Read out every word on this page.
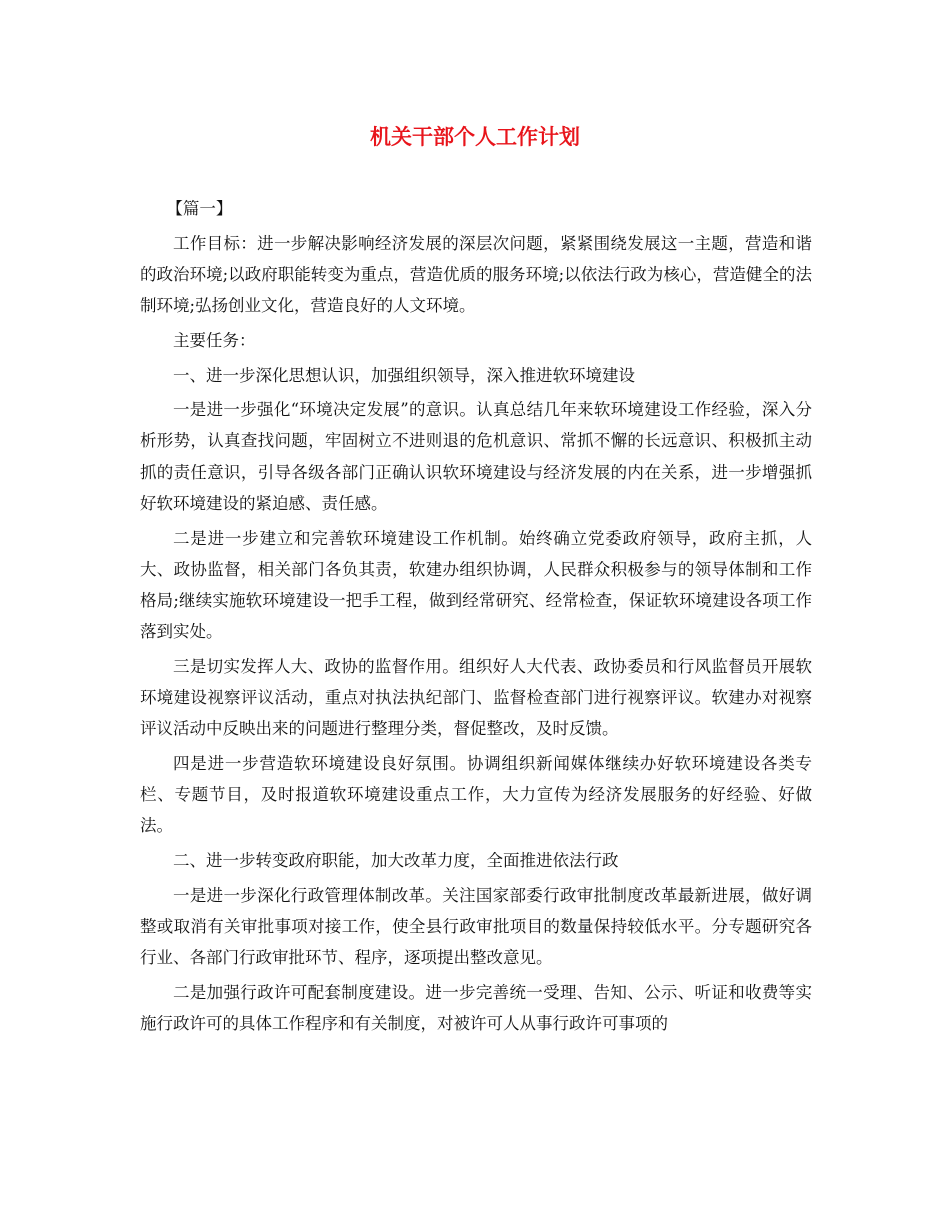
机关干部个人工作计划

【篇一】

工作目标：进一步解决影响经济发展的深层次问题，紧紧围绕发展这一主题，营造和谐的政治环境;以政府职能转变为重点，营造优质的服务环境;以依法行政为核心，营造健全的法制环境;弘扬创业文化，营造良好的人文环境。

主要任务：

一、进一步深化思想认识，加强组织领导，深入推进软环境建设

一是进一步强化“环境决定发展”的意识。认真总结几年来软环境建设工作经验，深入分析形势，认真查找问题，牢固树立不进则退的危机意识、常抓不懈的长远意识、积极抓主动抓的责任意识，引导各级各部门正确认识软环境建设与经济发展的内在关系，进一步增强抓好软环境建设的紧迫感、责任感。

二是进一步建立和完善软环境建设工作机制。始终确立党委政府领导，政府主抓，人大、政协监督，相关部门各负其责，软建办组织协调，人民群众积极参与的领导体制和工作格局;继续实施软环境建设一把手工程，做到经常研究、经常检查，保证软环境建设各项工作落到实处。

三是切实发挥人大、政协的监督作用。组织好人大代表、政协委员和行风监督员开展软环境建设视察评议活动，重点对执法执纪部门、监督检查部门进行视察评议。软建办对视察评议活动中反映出来的问题进行整理分类，督促整改，及时反馈。

四是进一步营造软环境建设良好氛围。协调组织新闻媒体继续办好软环境建设各类专栏、专题节目，及时报道软环境建设重点工作，大力宣传为经济发展服务的好经验、好做法。

二、进一步转变政府职能，加大改革力度，全面推进依法行政

一是进一步深化行政管理体制改革。关注国家部委行政审批制度改革最新进展，做好调整或取消有关审批事项对接工作，使全县行政审批项目的数量保持较低水平。分专题研究各行业、各部门行政审批环节、程序，逐项提出整改意见。

二是加强行政许可配套制度建设。进一步完善统一受理、告知、公示、听证和收费等实施行政许可的具体工作程序和有关制度，对被许可人从事行政许可事项的
